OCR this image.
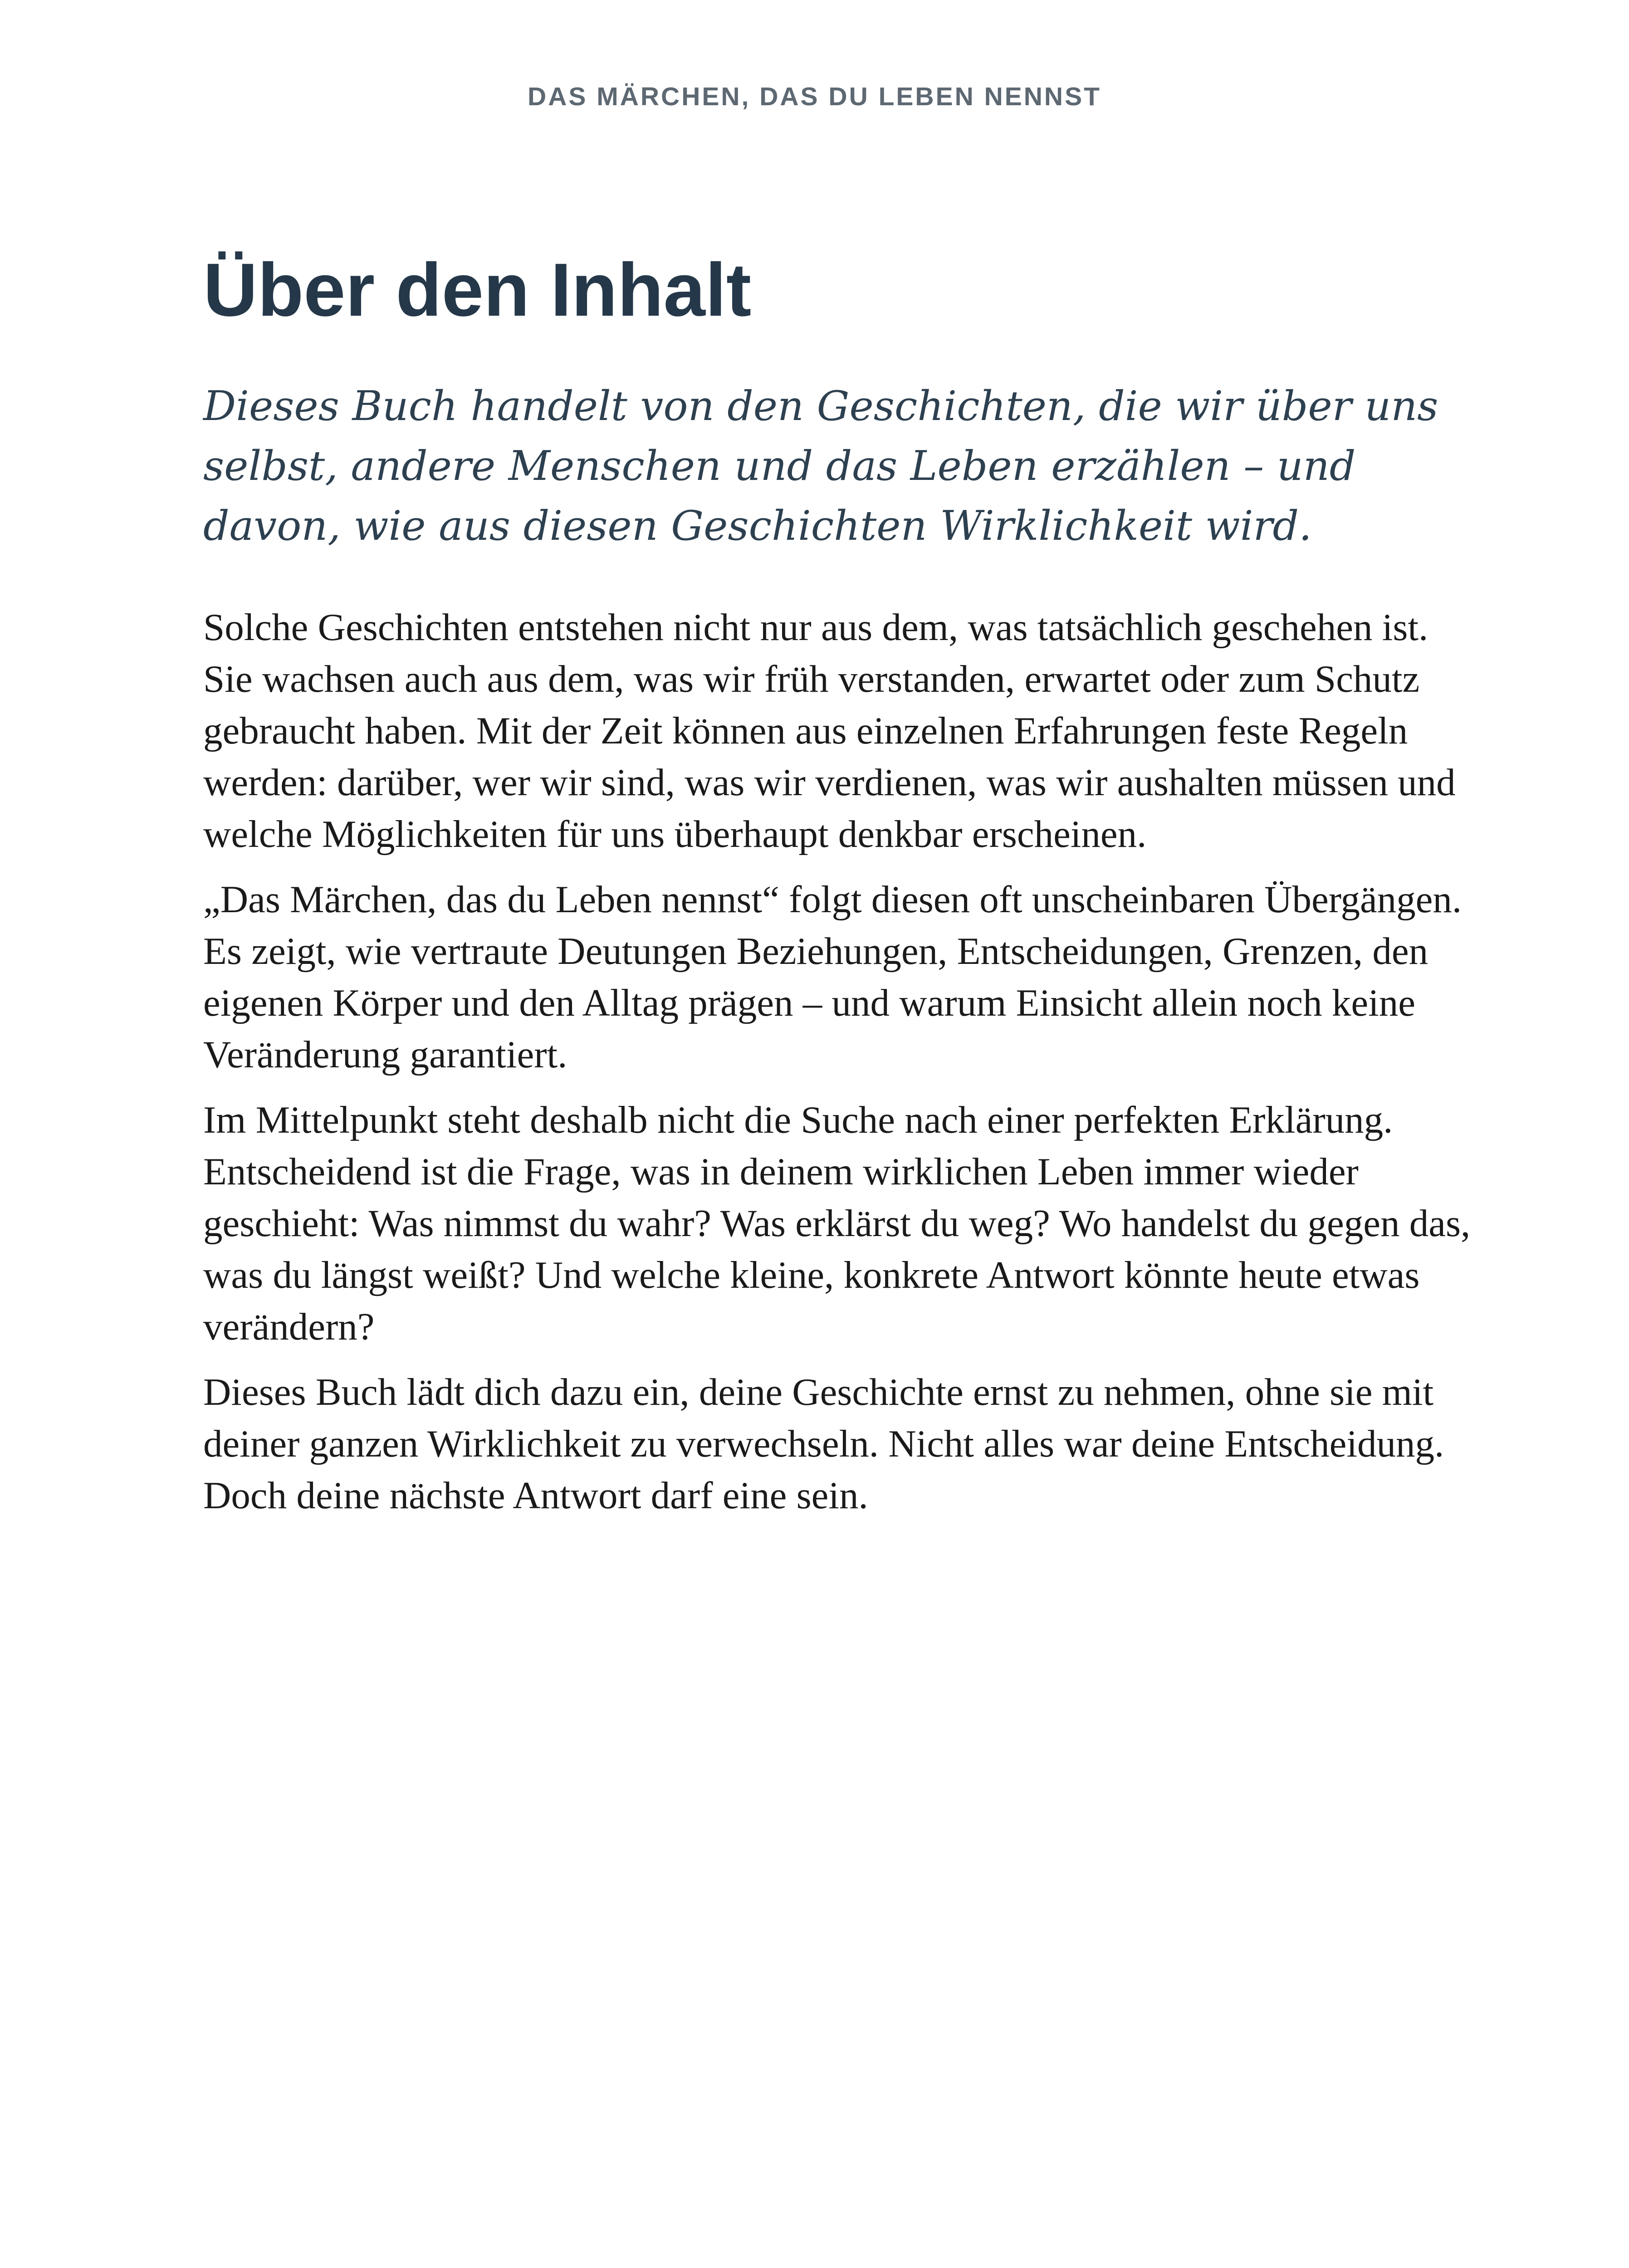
DAS MÄRCHEN, DAS DU LEBEN NENNST
Über den Inhalt

Dieses Buch handelt von den Geschichten, die wir über uns selbst, andere Menschen und das Leben erzählen – und davon, wie aus diesen Geschichten Wirklichkeit wird.

Solche Geschichten entstehen nicht nur aus dem, was tatsächlich geschehen ist. Sie wachsen auch aus dem, was wir früh verstanden, erwartet oder zum Schutz gebraucht haben. Mit der Zeit können aus einzelnen Erfahrungen feste Regeln werden: darüber, wer wir sind, was wir verdienen, was wir aushalten müssen und welche Möglichkeiten für uns überhaupt denkbar erscheinen.

„Das Märchen, das du Leben nennst“ folgt diesen oft unscheinbaren Übergängen. Es zeigt, wie vertraute Deutungen Beziehungen, Entscheidungen, Grenzen, den eigenen Körper und den Alltag prägen – und warum Einsicht allein noch keine Veränderung garantiert.

Im Mittelpunkt steht deshalb nicht die Suche nach einer perfekten Erklärung. Entscheidend ist die Frage, was in deinem wirklichen Leben immer wieder geschieht: Was nimmst du wahr? Was erklärst du weg? Wo handelst du gegen das, was du längst weißt? Und welche kleine, konkrete Antwort könnte heute etwas verändern?

Dieses Buch lädt dich dazu ein, deine Geschichte ernst zu nehmen, ohne sie mit deiner ganzen Wirklichkeit zu verwechseln. Nicht alles war deine Entscheidung. Doch deine nächste Antwort darf eine sein.
